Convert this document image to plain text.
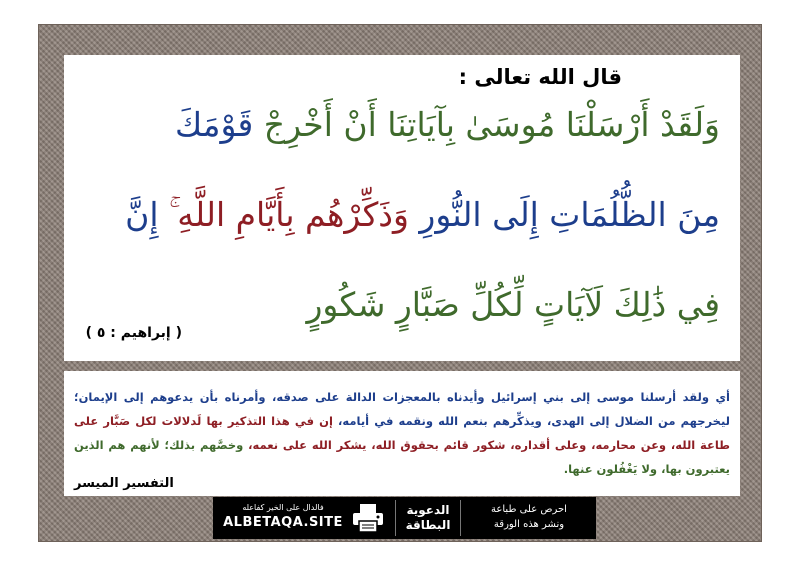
قال الله تعالى :
وَلَقَدْ أَرْسَلْنَا مُوسَىٰ بِآيَاتِنَا أَنْ أَخْرِجْ قَوْمَكَ
مِنَ الظُّلُمَاتِ إِلَى النُّورِ وَذَكِّرْهُم بِأَيَّامِ اللَّهِ ۚ إِنَّ
فِي ذَٰلِكَ لَآيَاتٍ لِّكُلِّ صَبَّارٍ شَكُورٍ
( إبراهيم : ٥ )
أي ولقد أرسلنا موسى إلى بني إسرائيل وأيدناه بالمعجزات الدالة على صدقه، وأمرناه بأن يدعوهم إلى الإيمان؛ ليخرجهم من الضلال إلى الهدى، ويذكِّرهم بنعم الله ونقمه في أيامه، إن في هذا التذكير بها لَدلالات لكل صَبَّار على طاعة الله، وعن محارمه، وعلى أقداره، شكور قائم بحقوق الله، يشكر الله على نعمه، وخصَّهم بذلك؛ لأنهم هم الذين يعتبرون بها، ولا يَغْفُلون عنها.
التفسير الميسر
فالدال على الخير كفاعله
ALBETAQA.SITE
الدعوية
البطاقة
احرص على طباعة
ونشر هذه الورقة
